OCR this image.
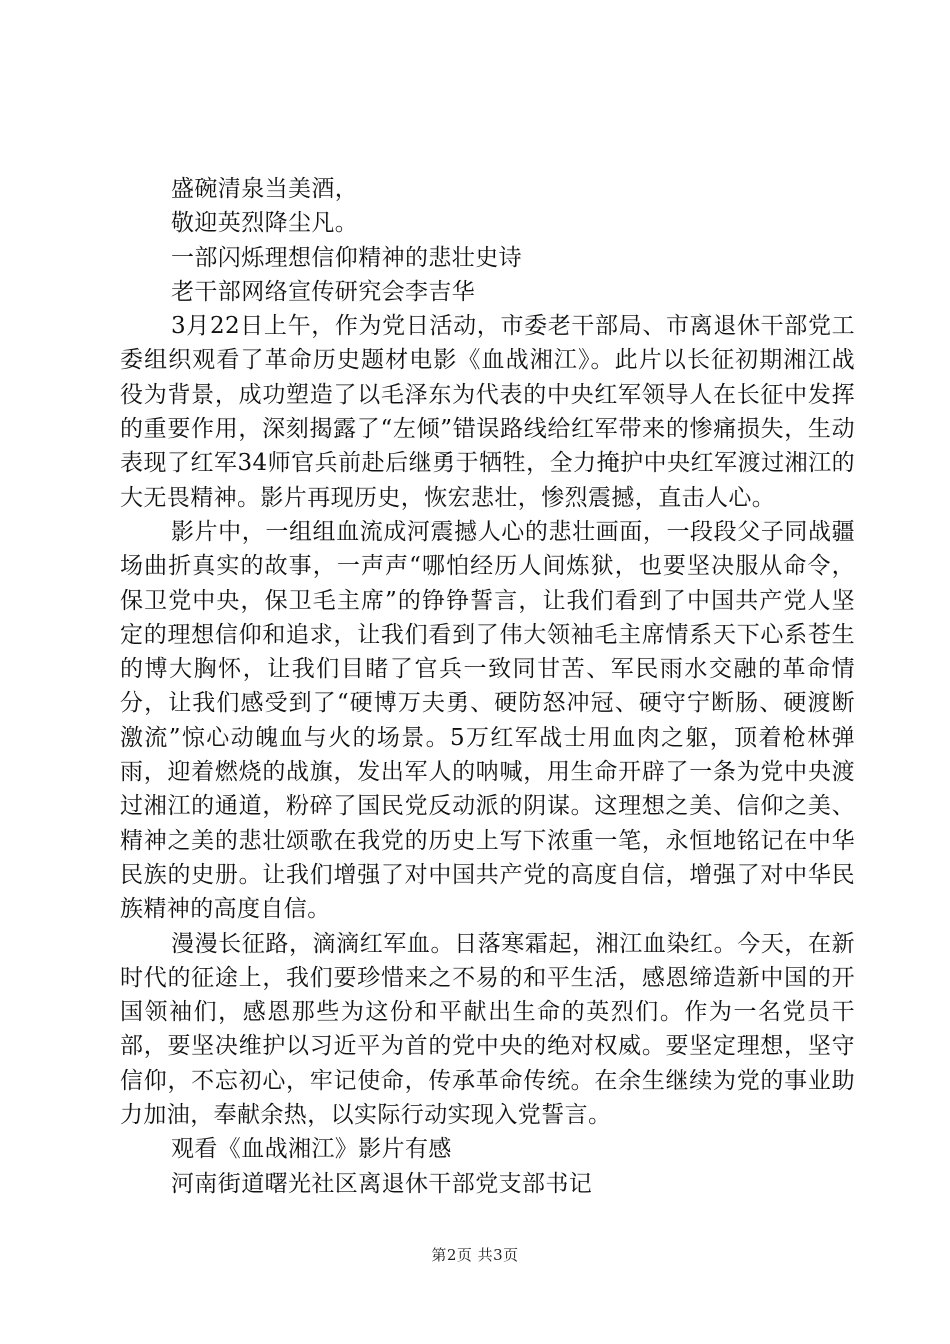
盛碗清泉当美酒，

敬迎英烈降尘凡。

一部闪烁理想信仰精神的悲壮史诗

老干部网络宣传研究会李吉华

3月22日上午，作为党日活动，市委老干部局、市离退休干部党工委组织观看了革命历史题材电影《血战湘江》。此片以长征初期湘江战役为背景，成功塑造了以毛泽东为代表的中央红军领导人在长征中发挥的重要作用，深刻揭露了“左倾”错误路线给红军带来的惨痛损失，生动表现了红军34师官兵前赴后继勇于牺牲，全力掩护中央红军渡过湘江的大无畏精神。影片再现历史，恢宏悲壮，惨烈震撼，直击人心。

影片中，一组组血流成河震撼人心的悲壮画面，一段段父子同战疆场曲折真实的故事，一声声“哪怕经历人间炼狱，也要坚决服从命令，保卫党中央，保卫毛主席”的铮铮誓言，让我们看到了中国共产党人坚定的理想信仰和追求，让我们看到了伟大领袖毛主席情系天下心系苍生的博大胸怀，让我们目睹了官兵一致同甘苦、军民雨水交融的革命情分，让我们感受到了“硬博万夫勇、硬防怒冲冠、硬守宁断肠、硬渡断激流”惊心动魄血与火的场景。5万红军战士用血肉之躯，顶着枪林弹雨，迎着燃烧的战旗，发出军人的呐喊，用生命开辟了一条为党中央渡过湘江的通道，粉碎了国民党反动派的阴谋。这理想之美、信仰之美、精神之美的悲壮颂歌在我党的历史上写下浓重一笔，永恒地铭记在中华民族的史册。让我们增强了对中国共产党的高度自信，增强了对中华民族精神的高度自信。

漫漫长征路，滴滴红军血。日落寒霜起，湘江血染红。今天，在新时代的征途上，我们要珍惜来之不易的和平生活，感恩缔造新中国的开国领袖们，感恩那些为这份和平献出生命的英烈们。作为一名党员干部，要坚决维护以习近平为首的党中央的绝对权威。要坚定理想，坚守信仰，不忘初心，牢记使命，传承革命传统。在余生继续为党的事业助力加油，奉献余热，以实际行动实现入党誓言。

观看《血战湘江》影片有感

河南街道曙光社区离退休干部党支部书记

第2页 共3页
